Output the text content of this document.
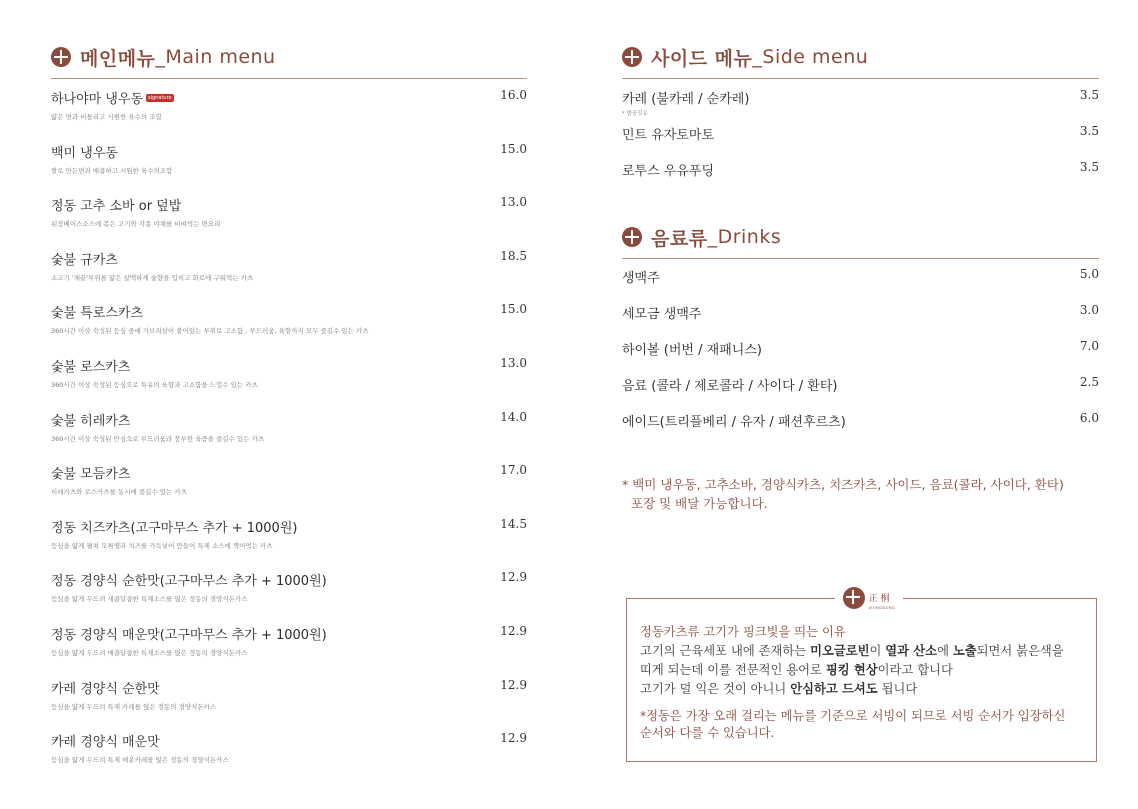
메인메뉴 _Main menu
하나야마 냉우동 signature
얇은 면과 비틀리고 시원한 육수의 조합
16.0
백미 냉우동
쌀로 만든면과 매콤하고 시원한 육수의조합
15.0
정동 고추 소바 or 덮밥
된장베이스소스에 볶은 고기와 각종 야채를 비벼먹는 면요리
13.0
숯불 규카츠
소고기 '채끝'부위를 얇은 살맥하게 숯향을 입히고 화로에 구워먹는 카츠
18.5
숯불 특로스카츠
360시간 이상 숙성된 등심 중에 가브리살이 붙어있는 부위로 고소함 , 부드러움, 육향까지 모두 즐길수 있는 카츠
15.0
숯불 로스카츠
360시간 이상 숙성된 등심으로 특유의 육향과 고소함을 느낄수 있는 카츠
13.0
숯불 히레카츠
360시간 이상 숙성된 안심으로 부드러움과 풍부한 육즙을 즐길수 있는 카츠
14.0
숯불 모듬카츠
히레카츠와 로스카츠를 동시에 즐길수 있는 카츠
17.0
정동 치즈카츠(고구마무스 추가 + 1000원)
등심을 얇게 펼쳐 모짜렐라 치즈를 가득넣어 만들어 특제 소스에 찍어먹는 카츠
14.5
정동 경양식 순한맛(고구마무스 추가 + 1000원)
등심을 얇게 두드려 새콤달콤한 특제소스를 얹은 정동의 경양식돈카스
12.9
정동 경양식 매운맛(고구마무스 추가 + 1000원)
등심을 얇게 두드려 매콤달콤한 특제소스를 얹은 정동의 경양식돈카스
12.9
카레 경양식 순한맛
등심을 얇게 두드려 특제 카레를 얹은 정동의 경양식돈카스
12.9
카레 경양식 매운맛
등심을 얇게 두드려 특제 매운카레를 얹은 정동의 경양식돈카스
12.9
사이드 메뉴 _Side menu
카레 (불카레 / 순카레)
* 밥공깃유
3.5
민트 유자토마토	3.5
로투스 우유푸딩	3.5
음료류 _Drinks
생맥주	5.0
세모금 생맥주	3.0
하이볼 (버번 / 재패니스)	7.0
음료 (콜라 / 제로콜라 / 사이다 / 환타)	2.5
에이드(트리플베리 / 유자 / 패션후르츠)	6.0
* 백미 냉우동, 고추소바, 경양식카츠, 치즈카츠, 사이드, 음료(콜라, 사이다, 환타)
포장 및 배달 가능합니다.
正 桐
JEONGDONG
정동카츠류 고기가 핑크빛을 띄는 이유
고기의 근육세포 내에 존재하는 미오글로빈이 열과 산소에 노출되면서 붉은색을
띠게 되는데 이를 전문적인 용어로 핑킹 현상이라고 합니다
고기가 덜 익은 것이 아니니 안심하고 드셔도 됩니다
*정동은 가장 오래 걸리는 메뉴를 기준으로 서빙이 되므로 서빙 순서가 입장하신
순서와 다를 수 있습니다.
